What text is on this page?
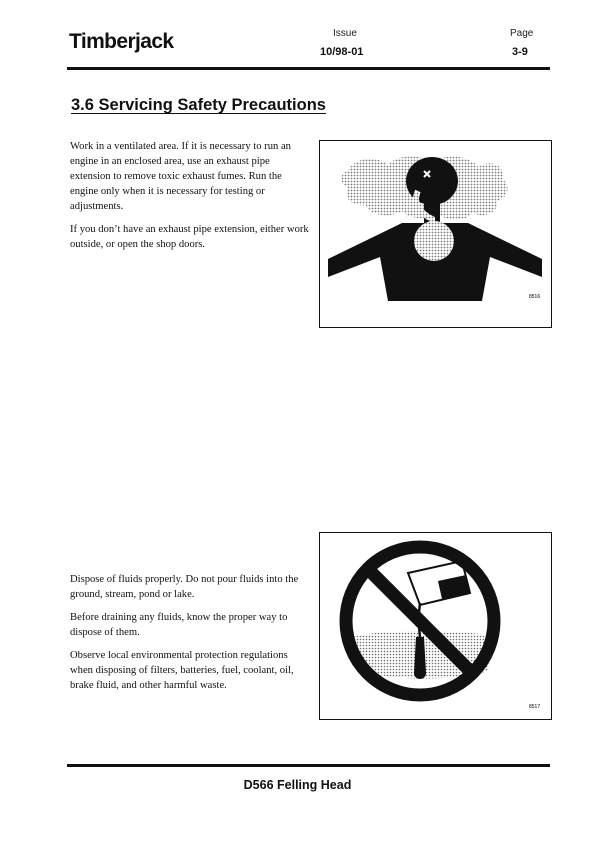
Timberjack	Issue
10/98-01
Page
3-9
3.6 Servicing Safety Precautions

Work in a ventilated area. If it is necessary to run an engine in an enclosed area, use an exhaust pipe extension to remove toxic exhaust fumes. Run the engine only when it is necessary for testing or adjustments.

If you don’t have an exhaust pipe extension, either work outside, or open the shop doors.

8516
8517

Dispose of fluids properly. Do not pour fluids into the ground, stream, pond or lake.

Before draining any fluids, know the proper way to dispose of them.

Observe local environmental protection regulations when disposing of filters, batteries, fuel, coolant, oil, brake fluid, and other harmful waste.

D566 Felling Head
